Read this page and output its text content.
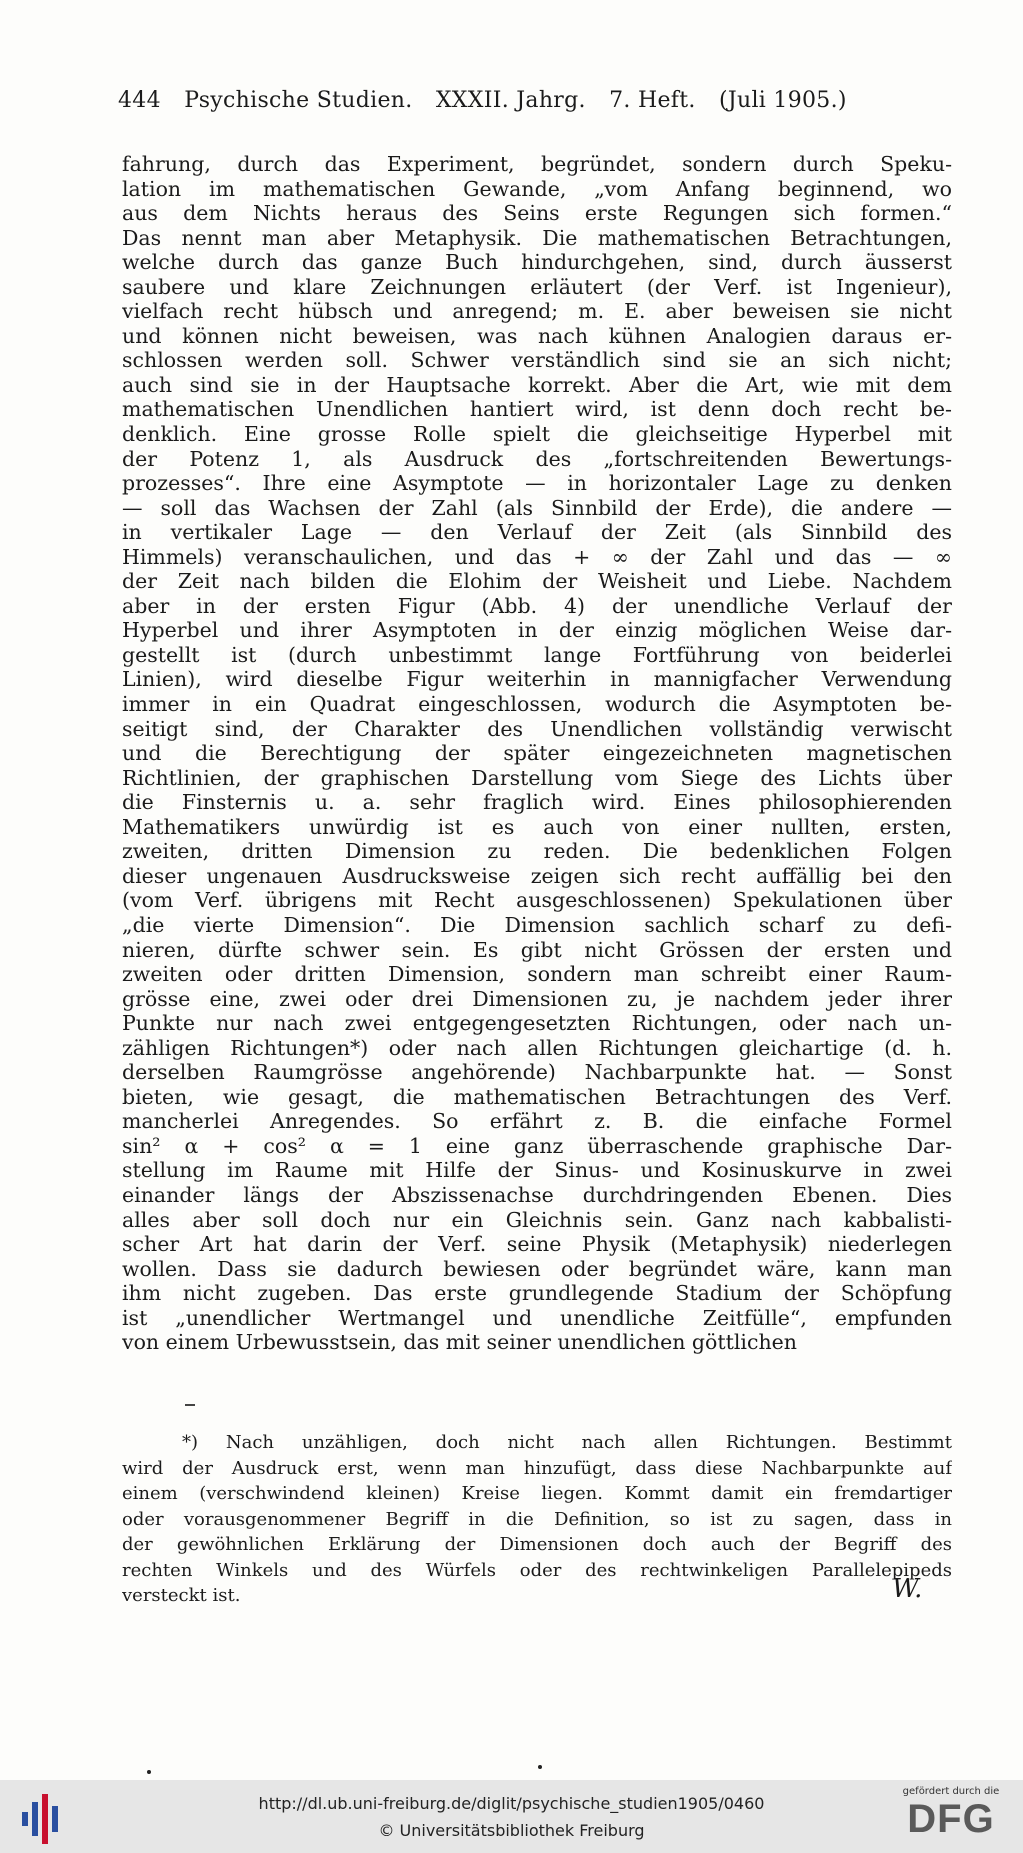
444 Psychische Studien. XXXII. Jahrg. 7. Heft. (Juli 1905.)
fahrung, durch das Experiment, begründet, sondern durch Speku-
lation im mathematischen Gewande, „vom Anfang beginnend, wo
aus dem Nichts heraus des Seins erste Regungen sich formen.“
Das nennt man aber Metaphysik. Die mathematischen Betrachtungen,
welche durch das ganze Buch hindurchgehen, sind, durch äusserst
saubere und klare Zeichnungen erläutert (der Verf. ist Ingenieur),
vielfach recht hübsch und anregend; m. E. aber beweisen sie nicht
und können nicht beweisen, was nach kühnen Analogien daraus er-
schlossen werden soll. Schwer verständlich sind sie an sich nicht;
auch sind sie in der Hauptsache korrekt. Aber die Art, wie mit dem
mathematischen Unendlichen hantiert wird, ist denn doch recht be-
denklich. Eine grosse Rolle spielt die gleichseitige Hyperbel mit
der Potenz 1, als Ausdruck des „fortschreitenden Bewertungs-
prozesses“. Ihre eine Asymptote — in horizontaler Lage zu denken
— soll das Wachsen der Zahl (als Sinnbild der Erde), die andere —
in vertikaler Lage — den Verlauf der Zeit (als Sinnbild des
Himmels) veranschaulichen, und das + ∞ der Zahl und das — ∞
der Zeit nach bilden die Elohim der Weisheit und Liebe. Nachdem
aber in der ersten Figur (Abb. 4) der unendliche Verlauf der
Hyperbel und ihrer Asymptoten in der einzig möglichen Weise dar-
gestellt ist (durch unbestimmt lange Fortführung von beiderlei
Linien), wird dieselbe Figur weiterhin in mannigfacher Verwendung
immer in ein Quadrat eingeschlossen, wodurch die Asymptoten be-
seitigt sind, der Charakter des Unendlichen vollständig verwischt
und die Berechtigung der später eingezeichneten magnetischen
Richtlinien, der graphischen Darstellung vom Siege des Lichts über
die Finsternis u. a. sehr fraglich wird. Eines philosophierenden
Mathematikers unwürdig ist es auch von einer nullten, ersten,
zweiten, dritten Dimension zu reden. Die bedenklichen Folgen
dieser ungenauen Ausdrucksweise zeigen sich recht auffällig bei den
(vom Verf. übrigens mit Recht ausgeschlossenen) Spekulationen über
„die vierte Dimension“. Die Dimension sachlich scharf zu defi-
nieren, dürfte schwer sein. Es gibt nicht Grössen der ersten und
zweiten oder dritten Dimension, sondern man schreibt einer Raum-
grösse eine, zwei oder drei Dimensionen zu, je nachdem jeder ihrer
Punkte nur nach zwei entgegengesetzten Richtungen, oder nach un-
zähligen Richtungen*) oder nach allen Richtungen gleichartige (d. h.
derselben Raumgrösse angehörende) Nachbarpunkte hat. — Sonst
bieten, wie gesagt, die mathematischen Betrachtungen des Verf.
mancherlei Anregendes. So erfährt z. B. die einfache Formel
sin² α + cos² α = 1 eine ganz überraschende graphische Dar-
stellung im Raume mit Hilfe der Sinus- und Kosinuskurve in zwei
einander längs der Abszissenachse durchdringenden Ebenen. Dies
alles aber soll doch nur ein Gleichnis sein. Ganz nach kabbalisti-
scher Art hat darin der Verf. seine Physik (Metaphysik) niederlegen
wollen. Dass sie dadurch bewiesen oder begründet wäre, kann man
ihm nicht zugeben. Das erste grundlegende Stadium der Schöpfung
ist „unendlicher Wertmangel und unendliche Zeitfülle“, empfunden
von einem Urbewusstsein, das mit seiner unendlichen göttlichen
*) Nach unzähligen, doch nicht nach allen Richtungen. Bestimmt
wird der Ausdruck erst, wenn man hinzufügt, dass diese Nachbarpunkte auf
einem (verschwindend kleinen) Kreise liegen. Kommt damit ein fremdartiger
oder vorausgenommener Begriff in die Definition, so ist zu sagen, dass in
der gewöhnlichen Erklärung der Dimensionen doch auch der Begriff des
rechten Winkels und des Würfels oder des rechtwinkeligen Parallelepipeds
versteckt ist.	W.
http://dl.ub.uni-freiburg.de/diglit/psychische_studien1905/0460
© Universitätsbibliothek Freiburg
gefördert durch die
DFG
